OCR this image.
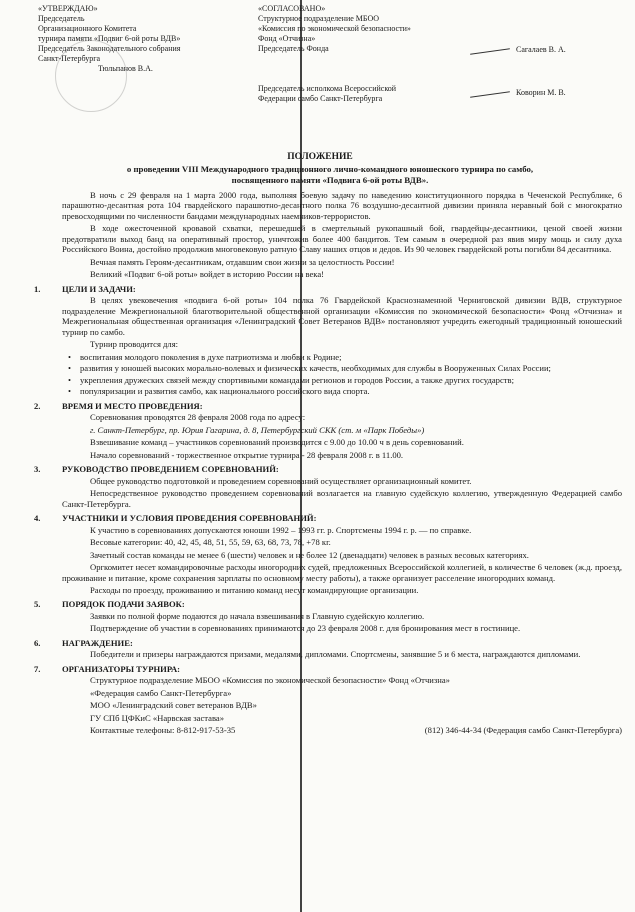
«УТВЕРЖДАЮ»
Председатель
Организационного Комитета
турнира памяти «Подвиг 6-ой роты ВДВ»
Председатель Законодательного собрания
Санкт-Петербурга
Тюльпанов В.А.
«СОГЛАСОВАНО»
Структурное подразделение МБОО
«Комиссия по экономической безопасности»
Фонд «Отчизна»
Председатель Фонда
Председатель исполкома Всероссийской
Федерации самбо Санкт-Петербурга
Сагалаев В. А.
Коворин М. В.
ПОЛОЖЕНИЕ
о проведении VIII Международного традиционного лично-командного юношеского турнира по самбо,
посвященного памяти «Подвига 6-ой роты ВДВ».

В ночь с 29 февраля на 1 марта 2000 года, выполняя боевую задачу по наведению конституционного порядка в Чеченской Республике, 6 парашютно-десантная рота 104 гвардейского парашютно-десантного полка 76 воздушно-десантной дивизии приняла неравный бой с многократно превосходящими по численности бандами международных наемников-террористов.

В ходе ожесточенной кровавой схватки, перешедшей в смертельный рукопашный бой, гвардейцы-десантники, ценой своей жизни предотвратили выход банд на оперативный простор, уничтожив более 400 бандитов. Тем самым в очередной раз явив миру мощь и силу духа Российского Воина, достойно продолжив многовековую ратную Славу наших отцов и дедов. Из 90 человек гвардейской роты погибли 84 десантника.

Вечная память Героям-десантникам, отдавшим свои жизни за целостность России!

Великий «Подвиг 6-ой роты» войдет в историю России на века!

1.	ЦЕЛИ И ЗАДАЧИ:

В целях увековечения «подвига 6-ой роты» 104 полка 76 Гвардейской Краснознаменной Черниговской дивизии ВДВ, структурное подразделение Межрегиональной благотворительной общественной организации «Комиссия по экономической безопасности» Фонд «Отчизна» и Межрегиональная общественная организация «Ленинградский Совет Ветеранов ВДВ» постановляют учредить ежегодный традиционный юношеский турнир по самбо.

Турнир проводится для:

• воспитания молодого поколения в духе патриотизма и любви к Родине;
• развития у юношей высоких морально-волевых и физических качеств, необходимых для службы в Вооруженных Силах России;
• укрепления дружеских связей между спортивными командами регионов и городов России, а также других государств;
• популяризации и развития самбо, как национального российского вида спорта.
2.	ВРЕМЯ И МЕСТО ПРОВЕДЕНИЯ:

Соревнования проводятся 28 февраля 2008 года по адресу:

г. Санкт-Петербург, пр. Юрия Гагарина, д. 8, Петербургский СКК (ст. м «Парк Победы»)

Взвешивание команд – участников соревнований производится с 9.00 до 10.00 ч в день соревнований.

Начало соревнований - торжественное открытие турнира - 28 февраля 2008 г. в 11.00.

3.	РУКОВОДСТВО ПРОВЕДЕНИЕМ СОРЕВНОВАНИЙ:

Общее руководство подготовкой и проведением соревнований осуществляет организационный комитет.

Непосредственное руководство проведением соревнований возлагается на главную судейскую коллегию, утвержденную Федерацией самбо Санкт-Петербурга.

4.	УЧАСТНИКИ И УСЛОВИЯ ПРОВЕДЕНИЯ СОРЕВНОВАНИЙ:

К участию в соревнованиях допускаются юноши 1992 – 1993 гг. р. Спортсмены 1994 г. р. — по справке.

Весовые категории: 40, 42, 45, 48, 51, 55, 59, 63, 68, 73, 78, +78 кг.

Зачетный состав команды не менее 6 (шести) человек и не более 12 (двенадцати) человек в разных весовых категориях.

Оргкомитет несет командировочные расходы иногородних судей, предложенных Всероссийской коллегией, в количестве 6 человек (ж.д. проезд, проживание и питание, кроме сохранения зарплаты по основному месту работы), а также организует расселение иногородних команд.

Расходы по проезду, проживанию и питанию команд несут командирующие организации.

5.	ПОРЯДОК ПОДАЧИ ЗАЯВОК:

Заявки по полной форме подаются до начала взвешивания в Главную судейскую коллегию.

Подтверждение об участии в соревнованиях принимаются до 23 февраля 2008 г. для бронирования мест в гостинице.

6.	НАГРАЖДЕНИЕ:

Победители и призеры награждаются призами, медалями, дипломами. Спортсмены, занявшие 5 и 6 места, награждаются дипломами.

7.	ОРГАНИЗАТОРЫ ТУРНИРА:

Структурное подразделение МБОО «Комиссия по экономической безопасности» Фонд «Отчизна»

«Федерация самбо Санкт-Петербурга»

МОО «Ленинградский совет ветеранов ВДВ»

ГУ СПб ЦФКиС «Нарвская застава»

Контактные телефоны: 8-812-917-53-35	(812) 346-44-34 (Федерация самбо Санкт-Петербурга)
